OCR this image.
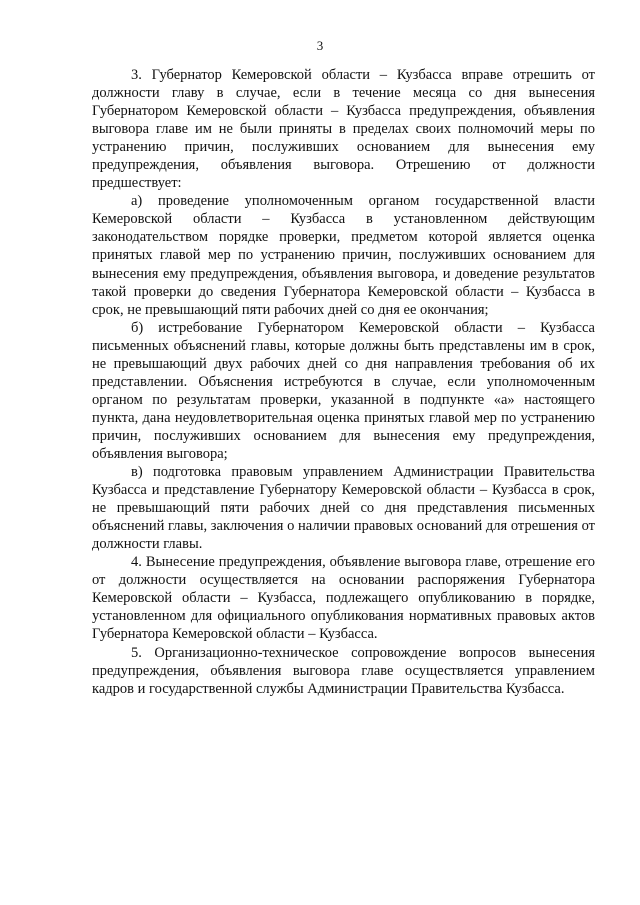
3

3. Губернатор Кемеровской области – Кузбасса вправе отрешить от должности главу в случае, если в течение месяца со дня вынесения Губернатором Кемеровской области – Кузбасса предупреждения, объявления выговора главе им не были приняты в пределах своих полномочий меры по устранению причин, послуживших основанием для вынесения ему предупреждения, объявления выговора. Отрешению от должности предшествует:

а) проведение уполномоченным органом государственной власти Кемеровской области – Кузбасса в установленном действующим законодательством порядке проверки, предметом которой является оценка принятых главой мер по устранению причин, послуживших основанием для вынесения ему предупреждения, объявления выговора, и доведение результатов такой проверки до сведения Губернатора Кемеровской области – Кузбасса в срок, не превышающий пяти рабочих дней со дня ее окончания;

б) истребование Губернатором Кемеровской области – Кузбасса письменных объяснений главы, которые должны быть представлены им в срок, не превышающий двух рабочих дней со дня направления требования об их представлении. Объяснения истребуются в случае, если уполномоченным органом по результатам проверки, указанной в подпункте «а» настоящего пункта, дана неудовлетворительная оценка принятых главой мер по устранению причин, послуживших основанием для вынесения ему предупреждения, объявления выговора;

в) подготовка правовым управлением Администрации Правительства Кузбасса и представление Губернатору Кемеровской области – Кузбасса в срок, не превышающий пяти рабочих дней со дня представления письменных объяснений главы, заключения о наличии правовых оснований для отрешения от должности главы.

4. Вынесение предупреждения, объявление выговора главе, отрешение его от должности осуществляется на основании распоряжения Губернатора Кемеровской области – Кузбасса, подлежащего опубликованию в порядке, установленном для официального опубликования нормативных правовых актов Губернатора Кемеровской области – Кузбасса.

5. Организационно-техническое сопровождение вопросов вынесения предупреждения, объявления выговора главе осуществляется управлением кадров и государственной службы Администрации Правительства Кузбасса.
